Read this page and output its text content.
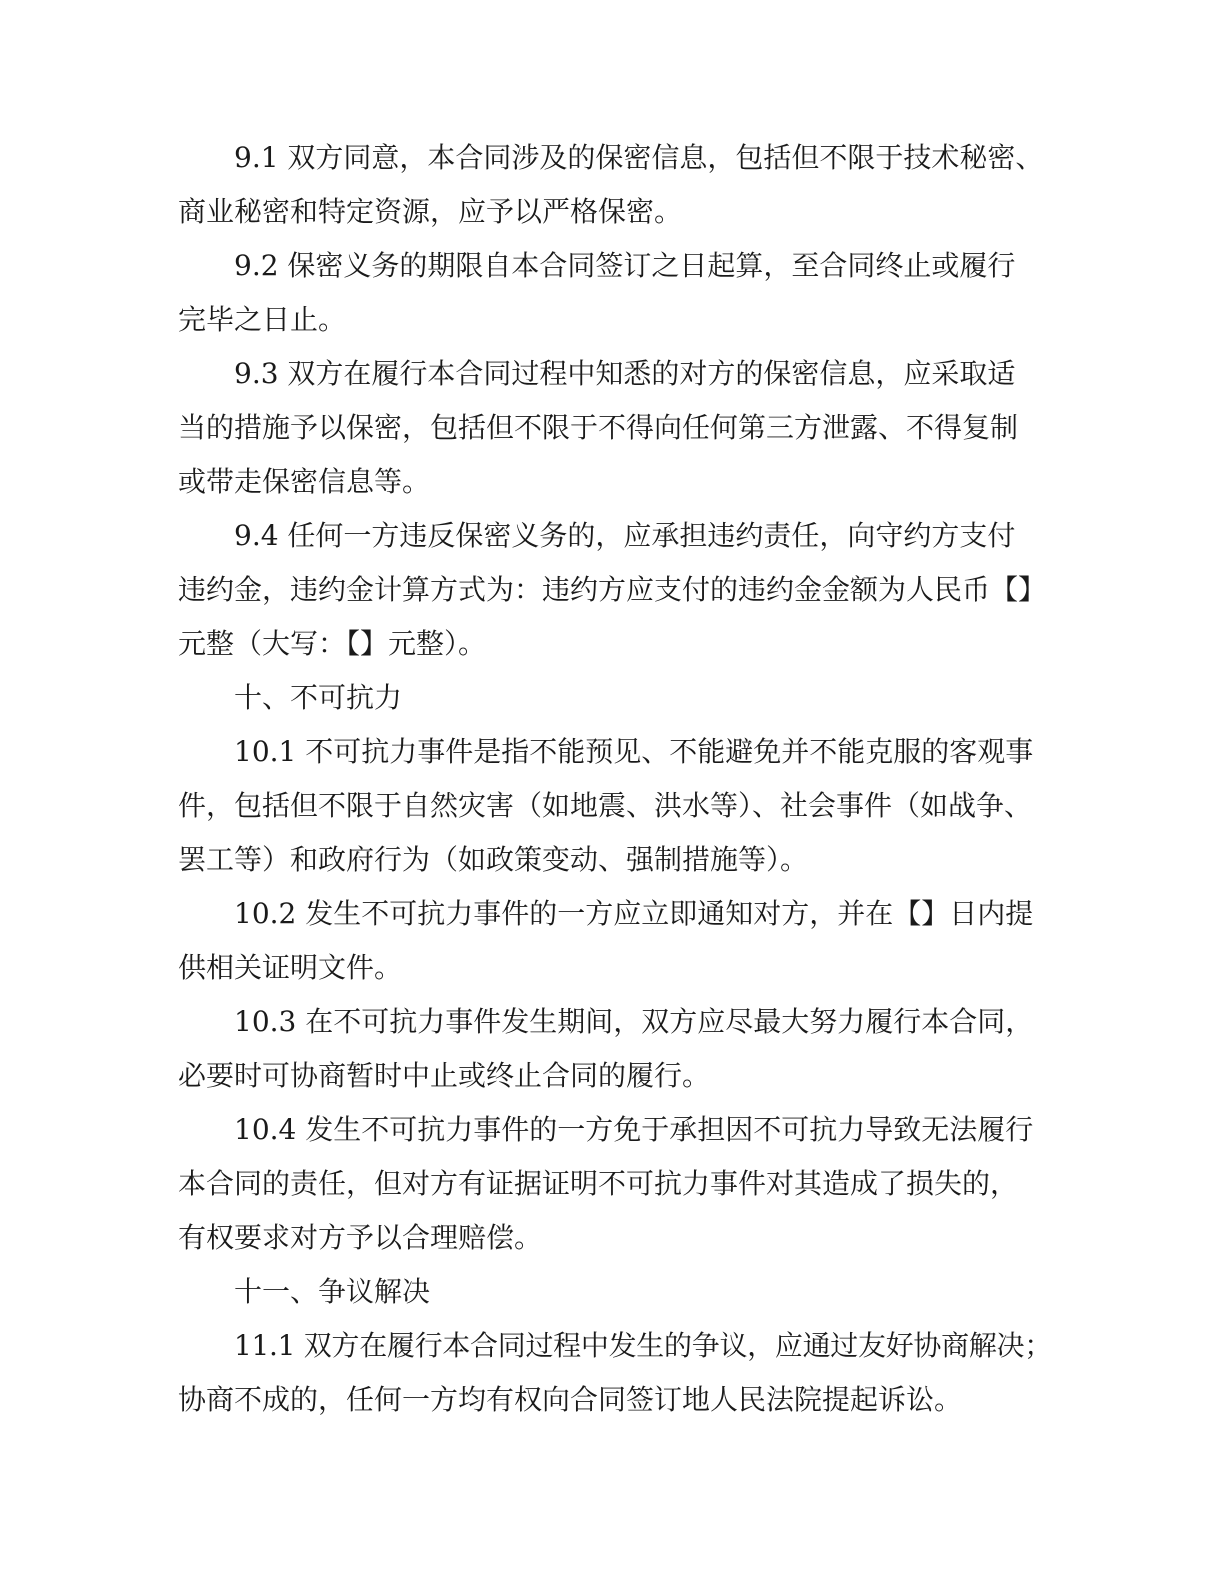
9.1 双方同意，本合同涉及的保密信息，包括但不限于技术秘密、

商业秘密和特定资源，应予以严格保密。

9.2 保密义务的期限自本合同签订之日起算，至合同终止或履行

完毕之日止。

9.3 双方在履行本合同过程中知悉的对方的保密信息，应采取适

当的措施予以保密，包括但不限于不得向任何第三方泄露、不得复制

或带走保密信息等。

9.4 任何一方违反保密义务的，应承担违约责任，向守约方支付

违约金，违约金计算方式为：违约方应支付的违约金金额为人民币【】

元整（大写：【】元整）。

十、不可抗力

10.1 不可抗力事件是指不能预见、不能避免并不能克服的客观事

件，包括但不限于自然灾害（如地震、洪水等）、社会事件（如战争、

罢工等）和政府行为（如政策变动、强制措施等）。

10.2 发生不可抗力事件的一方应立即通知对方，并在【】日内提

供相关证明文件。

10.3 在不可抗力事件发生期间，双方应尽最大努力履行本合同，

必要时可协商暂时中止或终止合同的履行。

10.4 发生不可抗力事件的一方免于承担因不可抗力导致无法履行

本合同的责任，但对方有证据证明不可抗力事件对其造成了损失的，

有权要求对方予以合理赔偿。

十一、争议解决

11.1 双方在履行本合同过程中发生的争议，应通过友好协商解决；

协商不成的，任何一方均有权向合同签订地人民法院提起诉讼。
